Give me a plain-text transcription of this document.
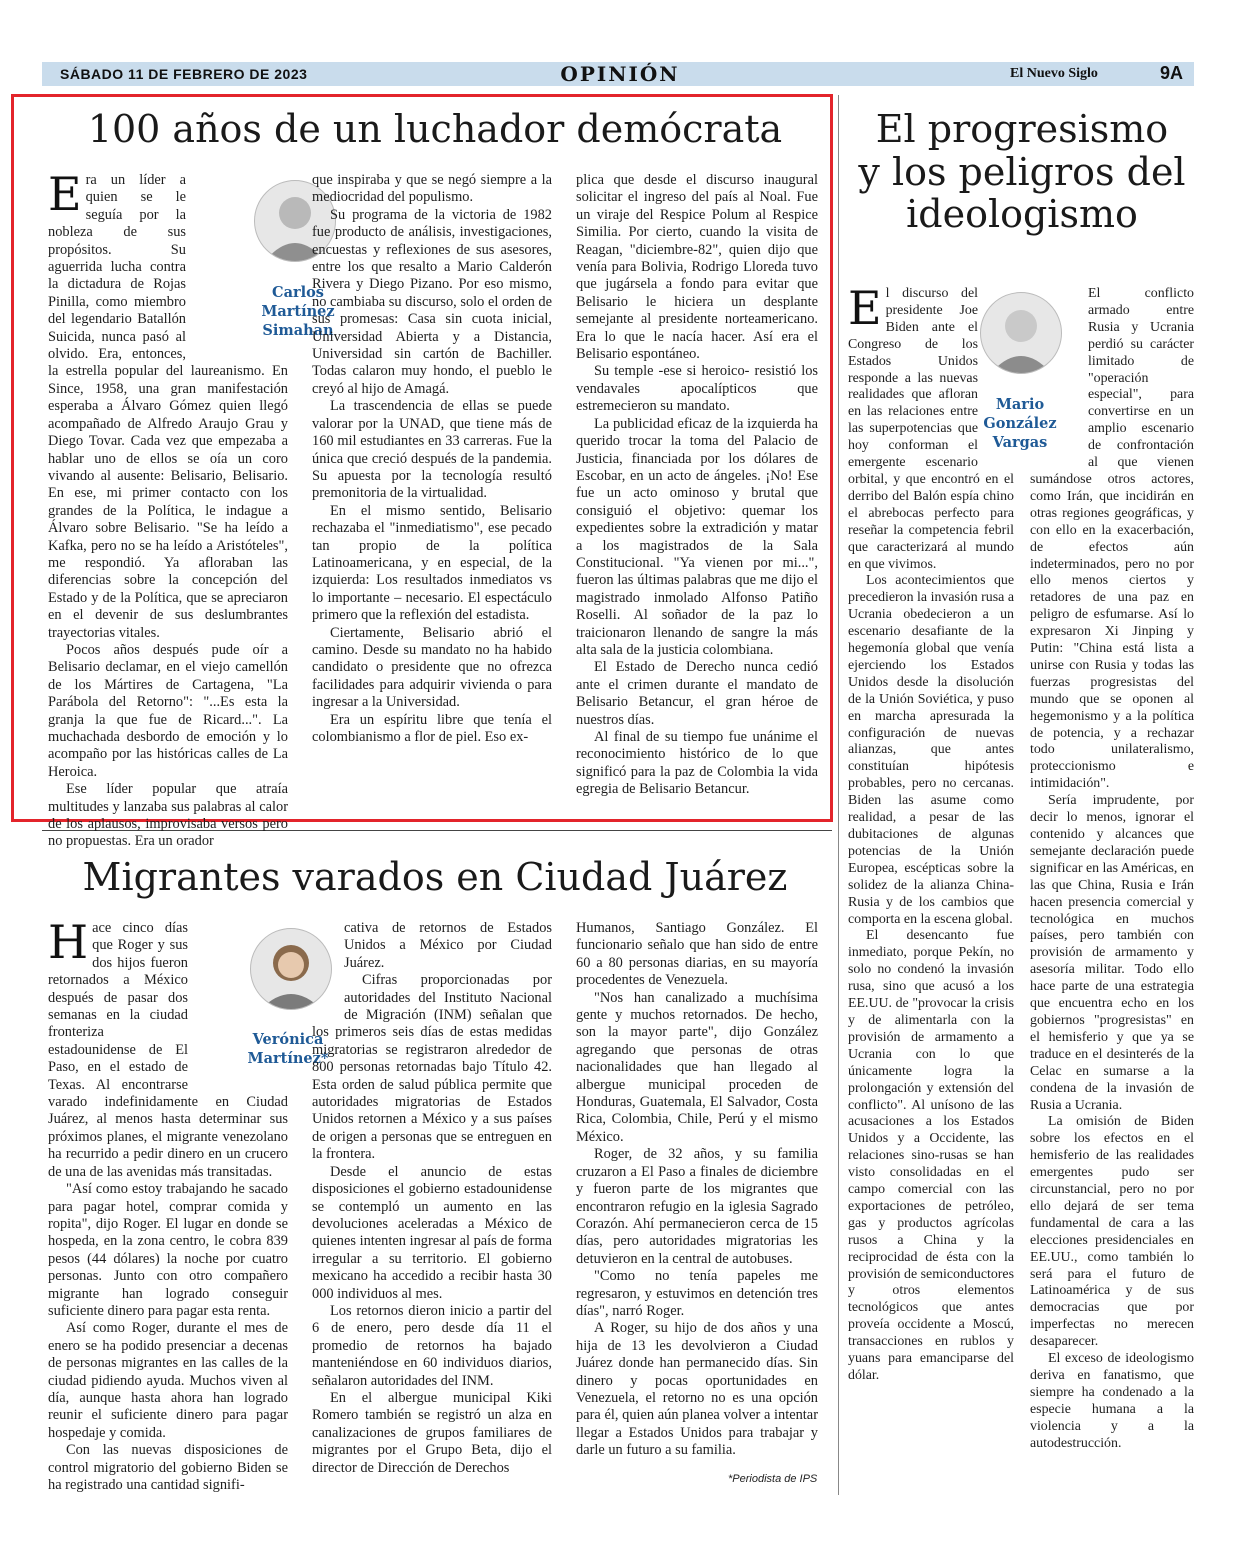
SÁBADO 11 DE FEBRERO DE 2023	OPINIÓN	El Nuevo Siglo	9A
100 años de un luchador demócrata
Carlos
Martínez
Simahan

Era un líder a quien se le seguía por la nobleza de sus propósitos. Su aguerrida lucha contra la dictadura de Rojas Pinilla, como miembro del legendario Batallón Suicida, nunca pasó al olvido. Era, entonces, la estrella popular del laureanismo. En Since, 1958, una gran manifestación esperaba a Álvaro Gómez quien llegó acompañado de Alfredo Araujo Grau y Diego Tovar. Cada vez que empezaba a hablar uno de ellos se oía un coro vivando al ausente: Belisario, Belisario. En ese, mi primer contacto con los grandes de la Política, le indague a Álvaro sobre Belisario. "Se ha leído a Kafka, pero no se ha leído a Aristóteles", me respondió. Ya afloraban las diferencias sobre la concepción del Estado y de la Política, que se apreciaron en el devenir de sus deslumbrantes trayectorias vitales.

Pocos años después pude oír a Belisario declamar, en el viejo camellón de los Mártires de Cartagena, "La Parábola del Retorno": "...Es esta la granja la que fue de Ricard...". La muchachada desbordo de emoción y lo acompaño por las históricas calles de La Heroica.

Ese líder popular que atraía multitudes y lanzaba sus palabras al calor de los aplausos, improvisaba versos pero no propuestas. Era un orador

que inspiraba y que se negó siempre a la mediocridad del populismo.

Su programa de la victoria de 1982 fue producto de análisis, investigaciones, encuestas y reflexiones de sus asesores, entre los que resalto a Mario Calderón Rivera y Diego Pizano. Por eso mismo, no cambiaba su discurso, solo el orden de sus promesas: Casa sin cuota inicial, Universidad Abierta y a Distancia, Universidad sin cartón de Bachiller. Todas calaron muy hondo, el pueblo le creyó al hijo de Amagá.

La trascendencia de ellas se puede valorar por la UNAD, que tiene más de 160 mil estudiantes en 33 carreras. Fue la única que creció después de la pandemia. Su apuesta por la tecnología resultó premonitoria de la virtualidad.

En el mismo sentido, Belisario rechazaba el "inmediatismo", ese pecado tan propio de la política Latinoamericana, y en especial, de la izquierda: Los resultados inmediatos vs lo importante – necesario. El espectáculo primero que la reflexión del estadista.

Ciertamente, Belisario abrió el camino. Desde su mandato no ha habido candidato o presidente que no ofrezca facilidades para adquirir vivienda o para ingresar a la Universidad.

Era un espíritu libre que tenía el colombianismo a flor de piel. Eso ex-

plica que desde el discurso inaugural solicitar el ingreso del país al Noal. Fue un viraje del Respice Polum al Respice Similia. Por cierto, cuando la visita de Reagan, "diciembre-82", quien dijo que venía para Bolivia, Rodrigo Lloreda tuvo que jugársela a fondo para evitar que Belisario le hiciera un desplante semejante al presidente norteamericano. Era lo que le nacía hacer. Así era el Belisario espontáneo.

Su temple -ese si heroico- resistió los vendavales apocalípticos que estremecieron su mandato.

La publicidad eficaz de la izquierda ha querido trocar la toma del Palacio de Justicia, financiada por los dólares de Escobar, en un acto de ángeles. ¡No! Ese fue un acto ominoso y brutal que consiguió el objetivo: quemar los expedientes sobre la extradición y matar a los magistrados de la Sala Constitucional. "Ya vienen por mi...", fueron las últimas palabras que me dijo el magistrado inmolado Alfonso Patiño Roselli. Al soñador de la paz lo traicionaron llenando de sangre la más alta sala de la justicia colombiana.

El Estado de Derecho nunca cedió ante el crimen durante el mandato de Belisario Betancur, el gran héroe de nuestros días.

Al final de su tiempo fue unánime el reconocimiento histórico de lo que significó para la paz de Colombia la vida egregia de Belisario Betancur.

Migrantes varados en Ciudad Juárez
Verónica
Martínez*

Hace cinco días que Roger y sus dos hijos fueron retornados a México después de pasar dos semanas en la ciudad fronteriza estadounidense de El Paso, en el estado de Texas. Al encontrarse varado indefinidamente en Ciudad Juárez, al menos hasta determinar sus próximos planes, el migrante venezolano ha recurrido a pedir dinero en un crucero de una de las avenidas más transitadas.

"Así como estoy trabajando he sacado para pagar hotel, comprar comida y ropita", dijo Roger. El lugar en donde se hospeda, en la zona centro, le cobra 839 pesos (44 dólares) la noche por cuatro personas. Junto con otro compañero migrante han logrado conseguir suficiente dinero para pagar esta renta.

Así como Roger, durante el mes de enero se ha podido presenciar a decenas de personas migrantes en las calles de la ciudad pidiendo ayuda. Muchos viven al día, aunque hasta ahora han logrado reunir el suficiente dinero para pagar hospedaje y comida.

Con las nuevas disposiciones de control migratorio del gobierno Biden se ha registrado una cantidad signifi-

cativa de retornos de Estados Unidos a México por Ciudad Juárez.

Cifras proporcionadas por autoridades del Instituto Nacional de Migración (INM) señalan que los primeros seis días de estas medidas migratorias se registraron alrededor de 800 personas retornadas bajo Título 42. Esta orden de salud pública permite que autoridades migratorias de Estados Unidos retornen a México y a sus países de origen a personas que se entreguen en la frontera.

Desde el anuncio de estas disposiciones el gobierno estadounidense se contempló un aumento en las devoluciones aceleradas a México de quienes intenten ingresar al país de forma irregular a su territorio. El gobierno mexicano ha accedido a recibir hasta 30 000 individuos al mes.

Los retornos dieron inicio a partir del 6 de enero, pero desde día 11 el promedio de retornos ha bajado manteniéndose en 60 individuos diarios, señalaron autoridades del INM.

En el albergue municipal Kiki Romero también se registró un alza en canalizaciones de grupos familiares de migrantes por el Grupo Beta, dijo el director de Dirección de Derechos

Humanos, Santiago González. El funcionario señalo que han sido de entre 60 a 80 personas diarias, en su mayoría procedentes de Venezuela.

"Nos han canalizado a muchísima gente y muchos retornados. De hecho, son la mayor parte", dijo González agregando que personas de otras nacionalidades que han llegado al albergue municipal proceden de Honduras, Guatemala, El Salvador, Costa Rica, Colombia, Chile, Perú y el mismo México.

Roger, de 32 años, y su familia cruzaron a El Paso a finales de diciembre y fueron parte de los migrantes que encontraron refugio en la iglesia Sagrado Corazón. Ahí permanecieron cerca de 15 días, pero autoridades migratorias les detuvieron en la central de autobuses.

"Como no tenía papeles me regresaron, y estuvimos en detención tres días", narró Roger.

A Roger, su hijo de dos años y una hija de 13 les devolvieron a Ciudad Juárez donde han permanecido días. Sin dinero y pocas oportunidades en Venezuela, el retorno no es una opción para él, quien aún planea volver a intentar llegar a Estados Unidos para trabajar y darle un futuro a su familia.

*Periodista de IPS
El progresismo
y los peligros del
ideologismo
Mario
González
Vargas

El discurso del presidente Joe Biden ante el Congreso de los Estados Unidos responde a las nuevas realidades que afloran en las relaciones entre las superpotencias que hoy conforman el emergente escenario orbital, y que encontró en el derribo del Balón espía chino el abrebocas perfecto para reseñar la competencia febril que caracterizará al mundo en que vivimos.

Los acontecimientos que precedieron la invasión rusa a Ucrania obedecieron a un escenario desafiante de la hegemonía global que venía ejerciendo los Estados Unidos desde la disolución de la Unión Soviética, y puso en marcha apresurada la configuración de nuevas alianzas, que antes constituían hipótesis probables, pero no cercanas. Biden las asume como realidad, a pesar de las dubitaciones de algunas potencias de la Unión Europea, escépticas sobre la solidez de la alianza China-Rusia y de los cambios que comporta en la escena global.

El desencanto fue inmediato, porque Pekín, no solo no condenó la invasión rusa, sino que acusó a los EE.UU. de "provocar la crisis y de alimentarla con la provisión de armamento a Ucrania con lo que únicamente logra la prolongación y extensión del conflicto". Al unísono de las acusaciones a los Estados Unidos y a Occidente, las relaciones sino-rusas se han visto consolidadas en el campo comercial con las exportaciones de petróleo, gas y productos agrícolas rusos a China y la reciprocidad de ésta con la provisión de semiconductores y otros elementos tecnológicos que antes proveía occidente a Moscú, transacciones en rublos y yuans para emanciparse del dólar.

El conflicto armado entre Rusia y Ucrania perdió su carácter limitado de "operación especial", para convertirse en un amplio escenario de confrontación al que vienen sumándose otros actores, como Irán, que incidirán en otras regiones geográficas, y con ello en la exacerbación, de efectos aún indeterminados, pero no por ello menos ciertos y retadores de una paz en peligro de esfumarse. Así lo expresaron Xi Jinping y Putin: "China está lista a unirse con Rusia y todas las fuerzas progresistas del mundo que se oponen al hegemonismo y a la política de potencia, y a rechazar todo unilateralismo, proteccionismo e intimidación".

Sería imprudente, por decir lo menos, ignorar el contenido y alcances que semejante declaración puede significar en las Américas, en las que China, Rusia e Irán hacen presencia comercial y tecnológica en muchos países, pero también con provisión de armamento y asesoría militar. Todo ello hace parte de una estrategia que encuentra echo en los gobiernos "progresistas" en el hemisferio y que ya se traduce en el desinterés de la Celac en sumarse a la condena de la invasión de Rusia a Ucrania.

La omisión de Biden sobre los efectos en el hemisferio de las realidades emergentes pudo ser circunstancial, pero no por ello dejará de ser tema fundamental de cara a las elecciones presidenciales en EE.UU., como también lo será para el futuro de Latinoamérica y de sus democracias que por imperfectas no merecen desaparecer.

El exceso de ideologismo deriva en fanatismo, que siempre ha condenado a la especie humana a la violencia y a la autodestrucción.
